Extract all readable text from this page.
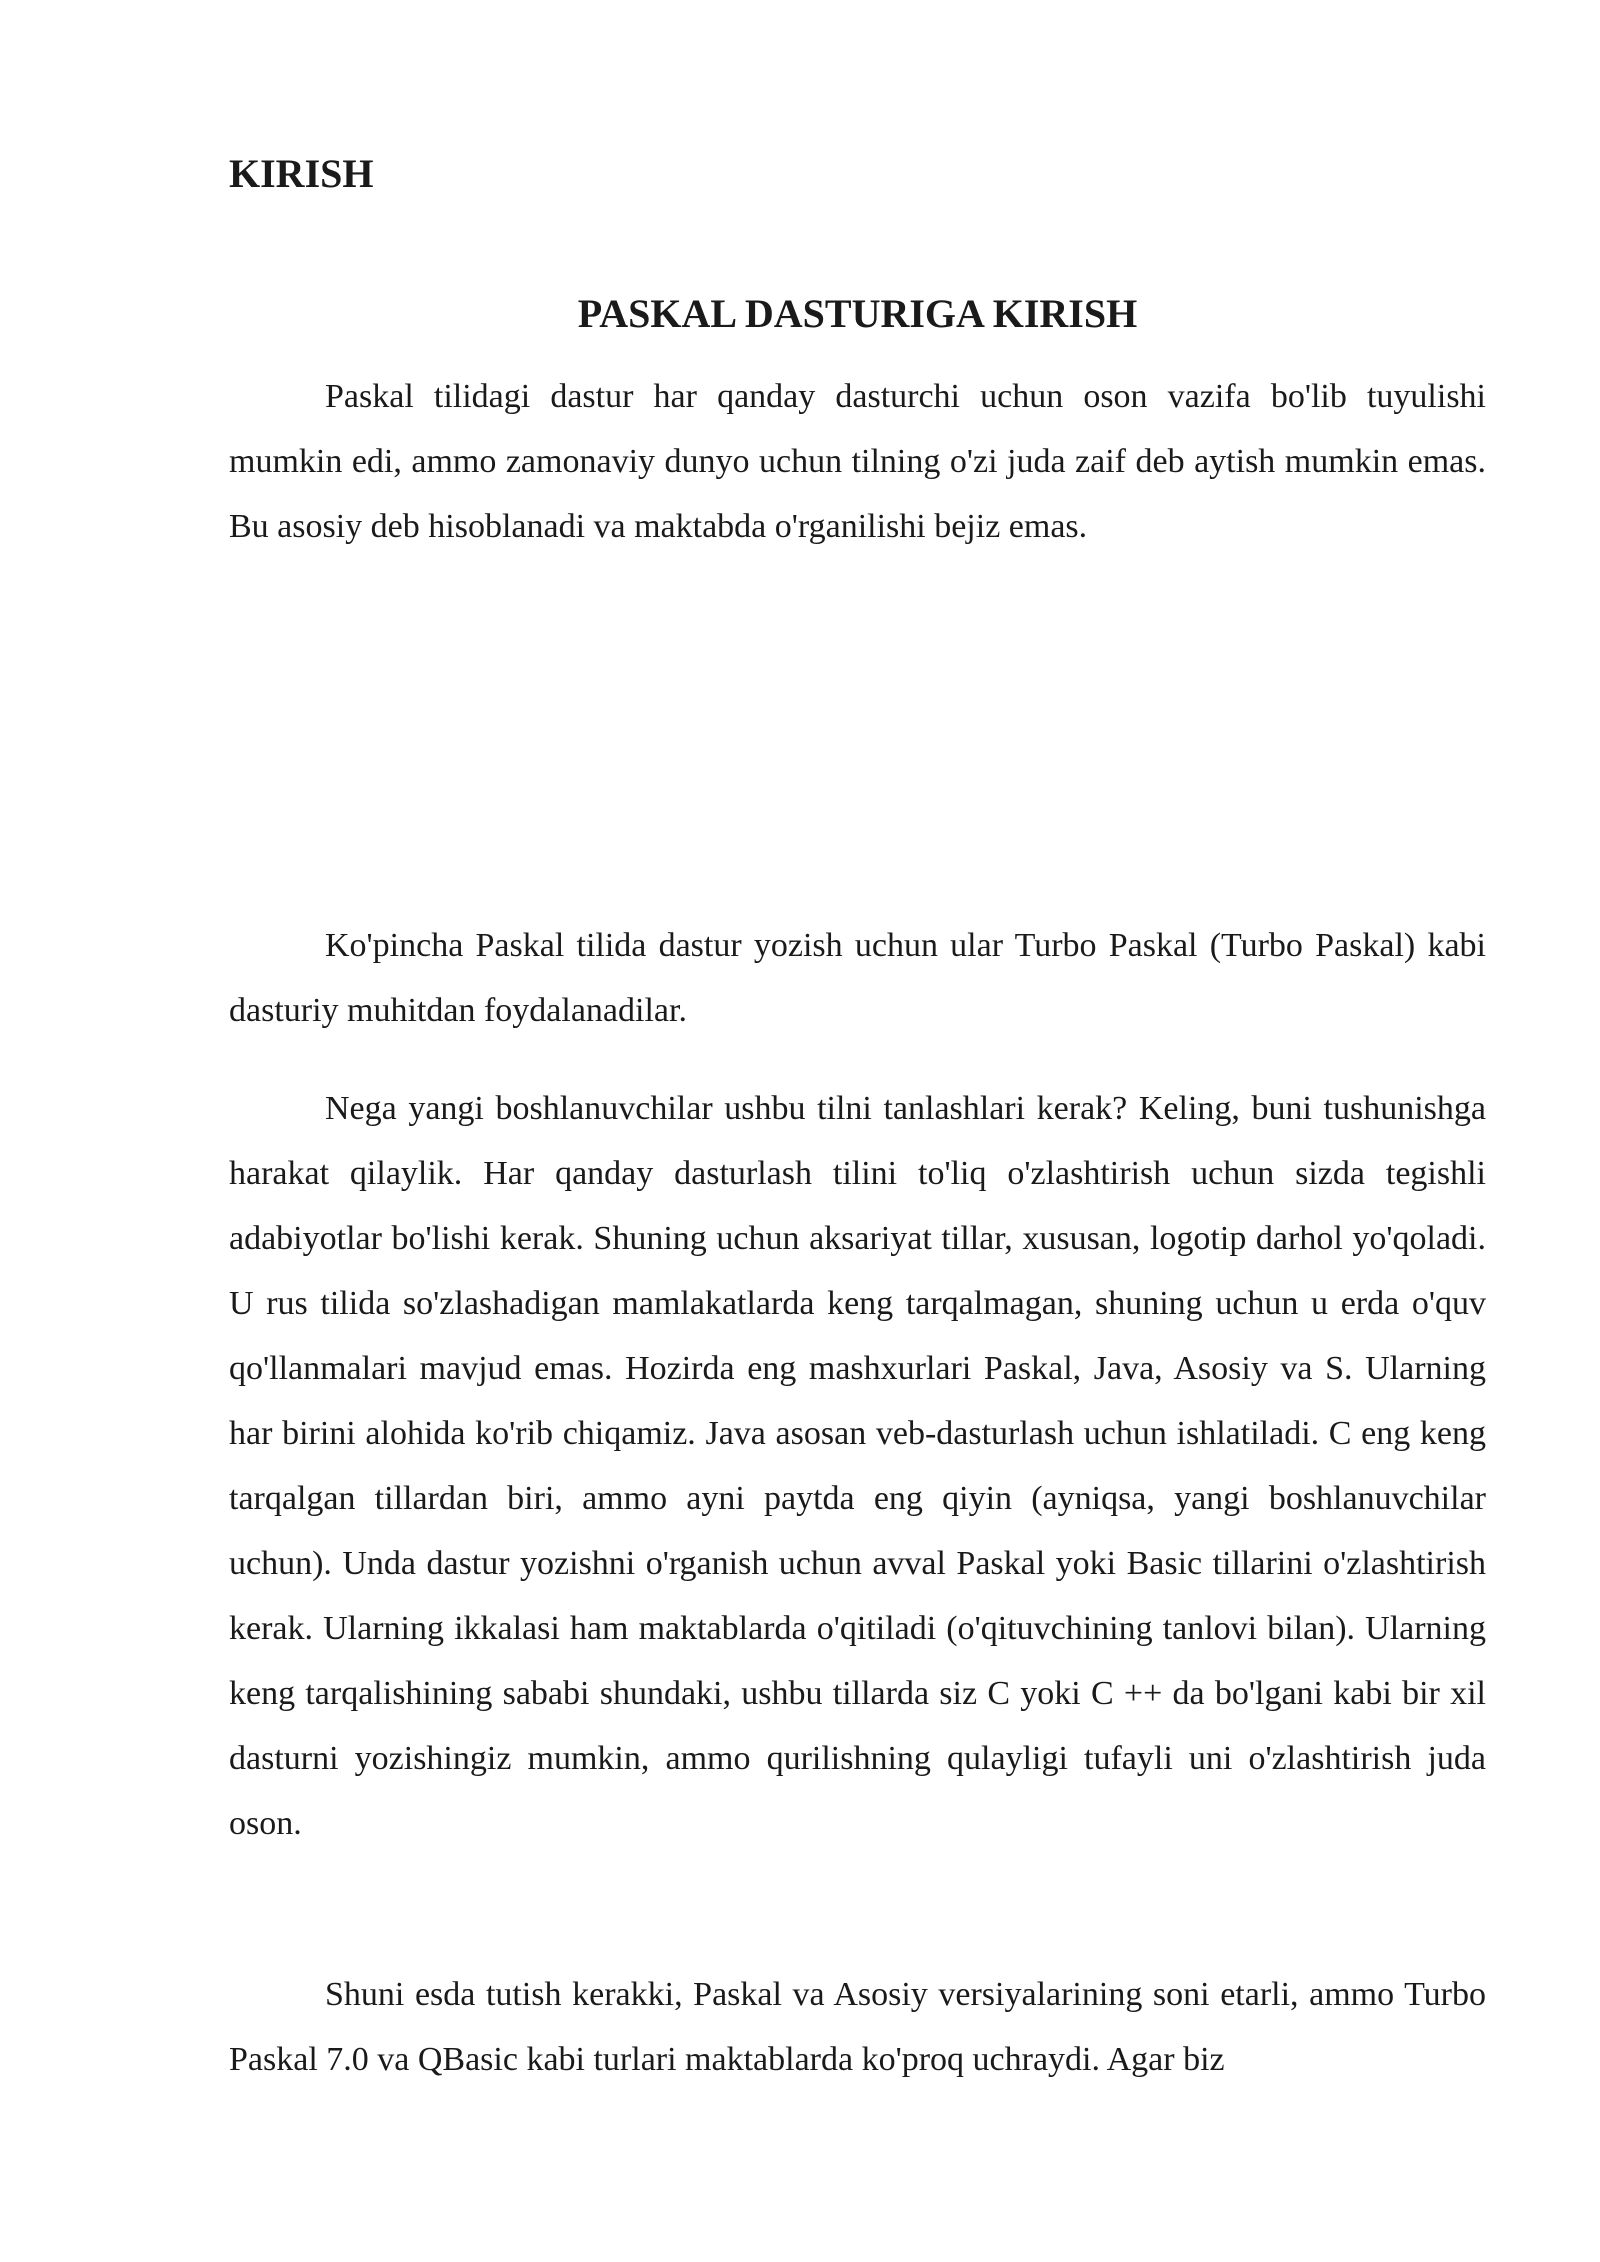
KIRISH
PASKAL DASTURIGA KIRISH

Paskal tilidagi dastur har qanday dasturchi uchun oson vazifa bo'lib tuyulishi mumkin edi, ammo zamonaviy dunyo uchun tilning o'zi juda zaif deb aytish mumkin emas. Bu asosiy deb hisoblanadi va maktabda o'rganilishi bejiz emas.

Ko'pincha Paskal tilida dastur yozish uchun ular Turbo Paskal (Turbo Paskal) kabi dasturiy muhitdan foydalanadilar.

Nega yangi boshlanuvchilar ushbu tilni tanlashlari kerak? Keling, buni tushunishga harakat qilaylik. Har qanday dasturlash tilini to'liq o'zlashtirish uchun sizda tegishli adabiyotlar bo'lishi kerak. Shuning uchun aksariyat tillar, xususan, logotip darhol yo'qoladi. U rus tilida so'zlashadigan mamlakatlarda keng tarqalmagan, shuning uchun u erda o'quv qo'llanmalari mavjud emas. Hozirda eng mashxurlari Paskal, Java, Asosiy va S. Ularning har birini alohida ko'rib chiqamiz. Java asosan veb-dasturlash uchun ishlatiladi. C eng keng tarqalgan tillardan biri, ammo ayni paytda eng qiyin (ayniqsa, yangi boshlanuvchilar uchun). Unda dastur yozishni o'rganish uchun avval Paskal yoki Basic tillarini o'zlashtirish kerak. Ularning ikkalasi ham maktablarda o'qitiladi (o'qituvchining tanlovi bilan). Ularning keng tarqalishining sababi shundaki, ushbu tillarda siz C yoki C ++ da bo'lgani kabi bir xil dasturni yozishingiz mumkin, ammo qurilishning qulayligi tufayli uni o'zlashtirish juda oson.

Shuni esda tutish kerakki, Paskal va Asosiy versiyalarining soni etarli, ammo Turbo Paskal 7.0 va QBasic kabi turlari maktablarda ko'proq uchraydi. Agar biz
